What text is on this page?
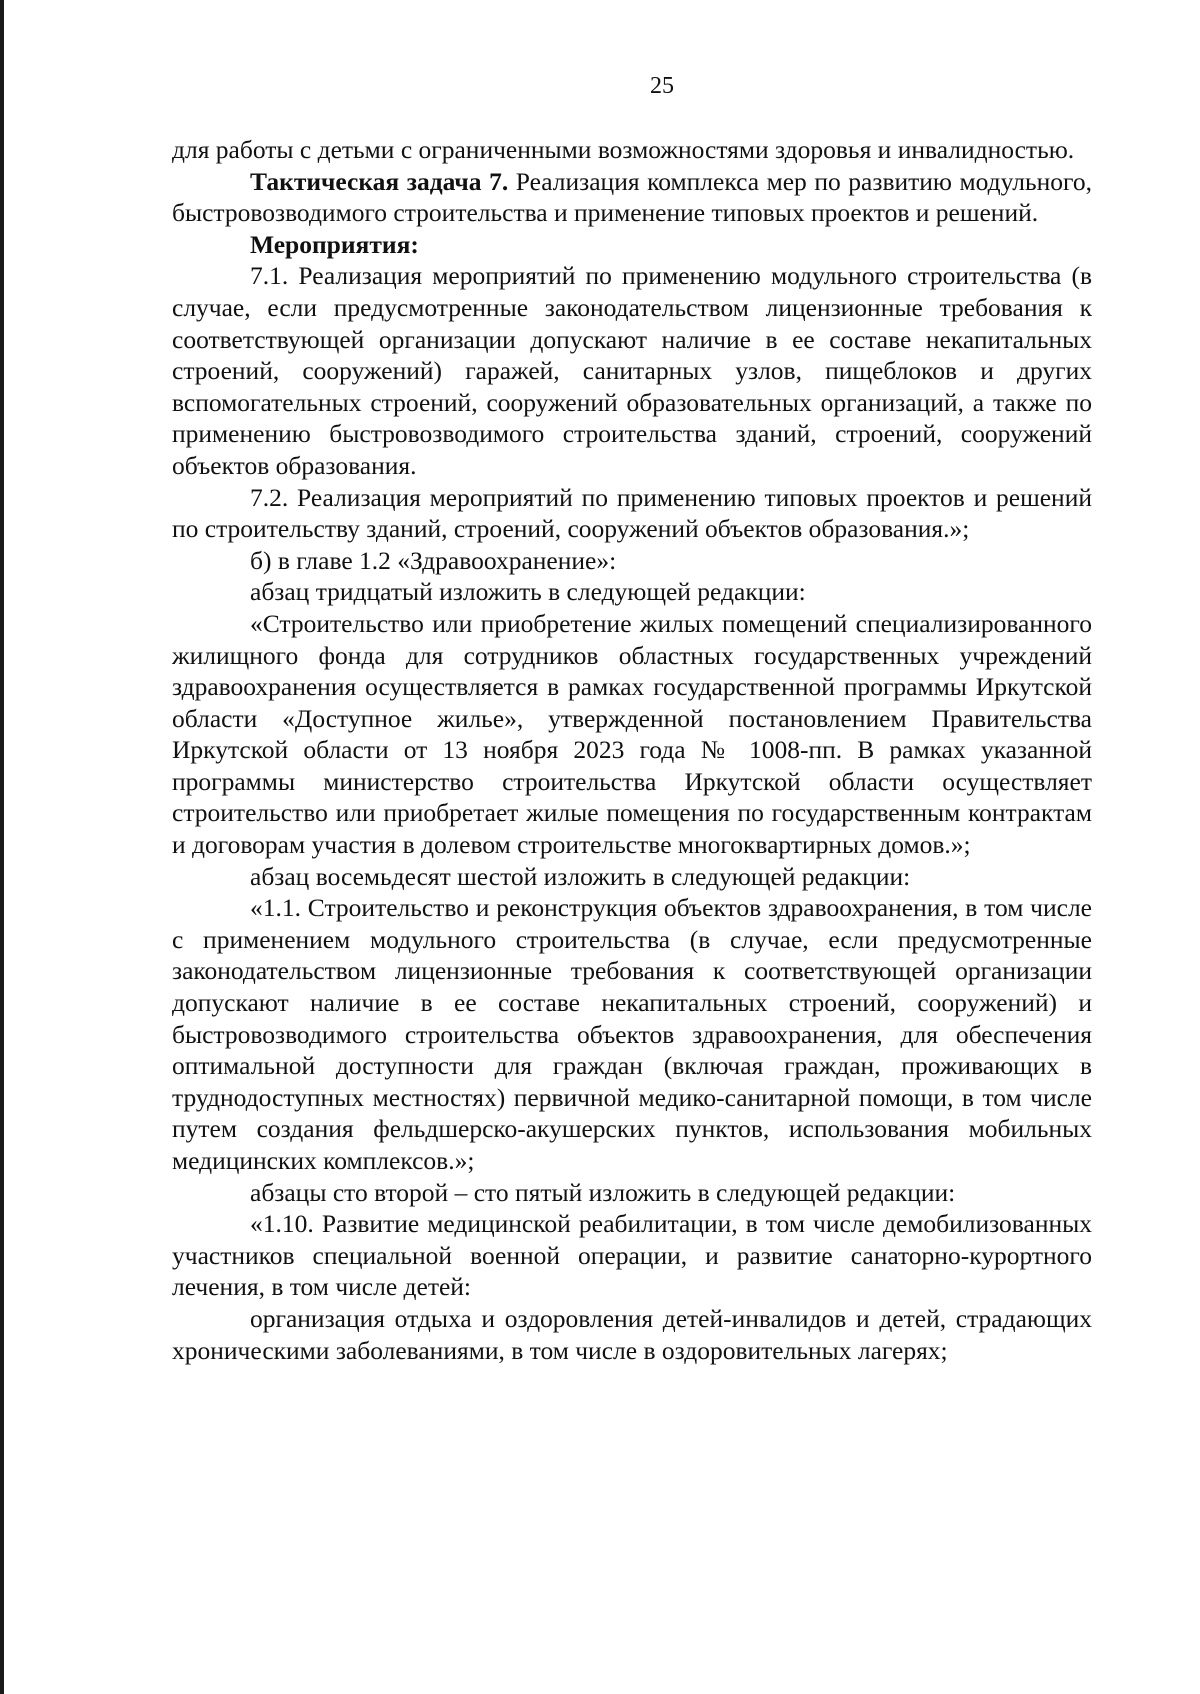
25

для работы с детьми с ограниченными возможностями здоровья и инвалидностью.

Тактическая задача 7. Реализация комплекса мер по развитию модульного, быстровозводимого строительства и применение типовых проектов и решений.

Мероприятия:

7.1. Реализация мероприятий по применению модульного строительства (в случае, если предусмотренные законодательством лицензионные требования к соответствующей организации допускают наличие в ее составе некапитальных строений, сооружений) гаражей, санитарных узлов, пищеблоков и других вспомогательных строений, сооружений образовательных организаций, а также по применению быстровозводимого строительства зданий, строений, сооружений объектов образования.

7.2. Реализация мероприятий по применению типовых проектов и решений по строительству зданий, строений, сооружений объектов образования.»;

б) в главе 1.2 «Здравоохранение»:

абзац тридцатый изложить в следующей редакции:

«Строительство или приобретение жилых помещений специализированного жилищного фонда для сотрудников областных государственных учреждений здравоохранения осуществляется в рамках государственной программы Иркутской области «Доступное жилье», утвержденной постановлением Правительства Иркутской области от 13 ноября 2023 года № 1008-пп. В рамках указанной программы министерство строительства Иркутской области осуществляет строительство или приобретает жилые помещения по государственным контрактам и договорам участия в долевом строительстве многоквартирных домов.»;

абзац восемьдесят шестой изложить в следующей редакции:

«1.1. Строительство и реконструкция объектов здравоохранения, в том числе с применением модульного строительства (в случае, если предусмотренные законодательством лицензионные требования к соответствующей организации допускают наличие в ее составе некапитальных строений, сооружений) и быстровозводимого строительства объектов здравоохранения, для обеспечения оптимальной доступности для граждан (включая граждан, проживающих в труднодоступных местностях) первичной медико-санитарной помощи, в том числе путем создания фельдшерско-акушерских пунктов, использования мобильных медицинских комплексов.»;

абзацы сто второй – сто пятый изложить в следующей редакции:

«1.10. Развитие медицинской реабилитации, в том числе демобилизованных участников специальной военной операции, и развитие санаторно-курортного лечения, в том числе детей:

организация отдыха и оздоровления детей-инвалидов и детей, страдающих хроническими заболеваниями, в том числе в оздоровительных лагерях;
